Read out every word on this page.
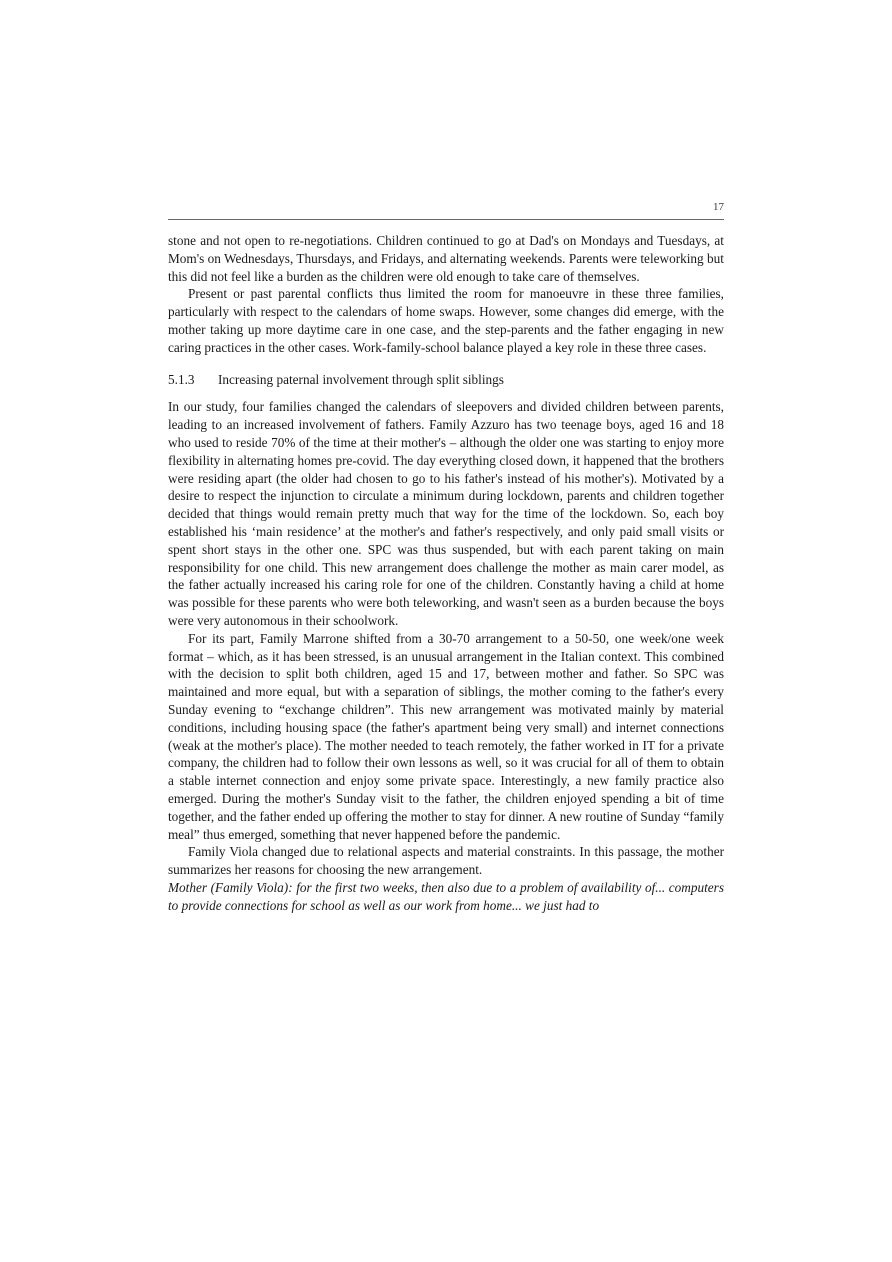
17

stone and not open to re-negotiations. Children continued to go at Dad's on Mondays and Tuesdays, at Mom's on Wednesdays, Thursdays, and Fridays, and alternating weekends. Parents were teleworking but this did not feel like a burden as the children were old enough to take care of themselves.

Present or past parental conflicts thus limited the room for manoeuvre in these three families, particularly with respect to the calendars of home swaps. However, some changes did emerge, with the mother taking up more daytime care in one case, and the step-parents and the father engaging in new caring practices in the other cases. Work-family-school balance played a key role in these three cases.

5.1.3 Increasing paternal involvement through split siblings

In our study, four families changed the calendars of sleepovers and divided children between parents, leading to an increased involvement of fathers. Family Azzuro has two teenage boys, aged 16 and 18 who used to reside 70% of the time at their mother's – although the older one was starting to enjoy more flexibility in alternating homes pre-covid. The day everything closed down, it happened that the brothers were residing apart (the older had chosen to go to his father's instead of his mother's). Motivated by a desire to respect the injunction to circulate a minimum during lockdown, parents and children together decided that things would remain pretty much that way for the time of the lockdown. So, each boy established his ‘main residence’ at the mother's and father's respectively, and only paid small visits or spent short stays in the other one. SPC was thus suspended, but with each parent taking on main responsibility for one child. This new arrangement does challenge the mother as main carer model, as the father actually increased his caring role for one of the children. Constantly having a child at home was possible for these parents who were both teleworking, and wasn't seen as a burden because the boys were very autonomous in their schoolwork.

For its part, Family Marrone shifted from a 30-70 arrangement to a 50-50, one week/one week format – which, as it has been stressed, is an unusual arrangement in the Italian context. This combined with the decision to split both children, aged 15 and 17, between mother and father. So SPC was maintained and more equal, but with a separation of siblings, the mother coming to the father's every Sunday evening to “exchange children”. This new arrangement was motivated mainly by material conditions, including housing space (the father's apartment being very small) and internet connections (weak at the mother's place). The mother needed to teach remotely, the father worked in IT for a private company, the children had to follow their own lessons as well, so it was crucial for all of them to obtain a stable internet connection and enjoy some private space. Interestingly, a new family practice also emerged. During the mother's Sunday visit to the father, the children enjoyed spending a bit of time together, and the father ended up offering the mother to stay for dinner. A new routine of Sunday “family meal” thus emerged, something that never happened before the pandemic.

Family Viola changed due to relational aspects and material constraints. In this passage, the mother summarizes her reasons for choosing the new arrangement.

Mother (Family Viola): for the first two weeks, then also due to a problem of availability of... computers to provide connections for school as well as our work from home... we just had to
